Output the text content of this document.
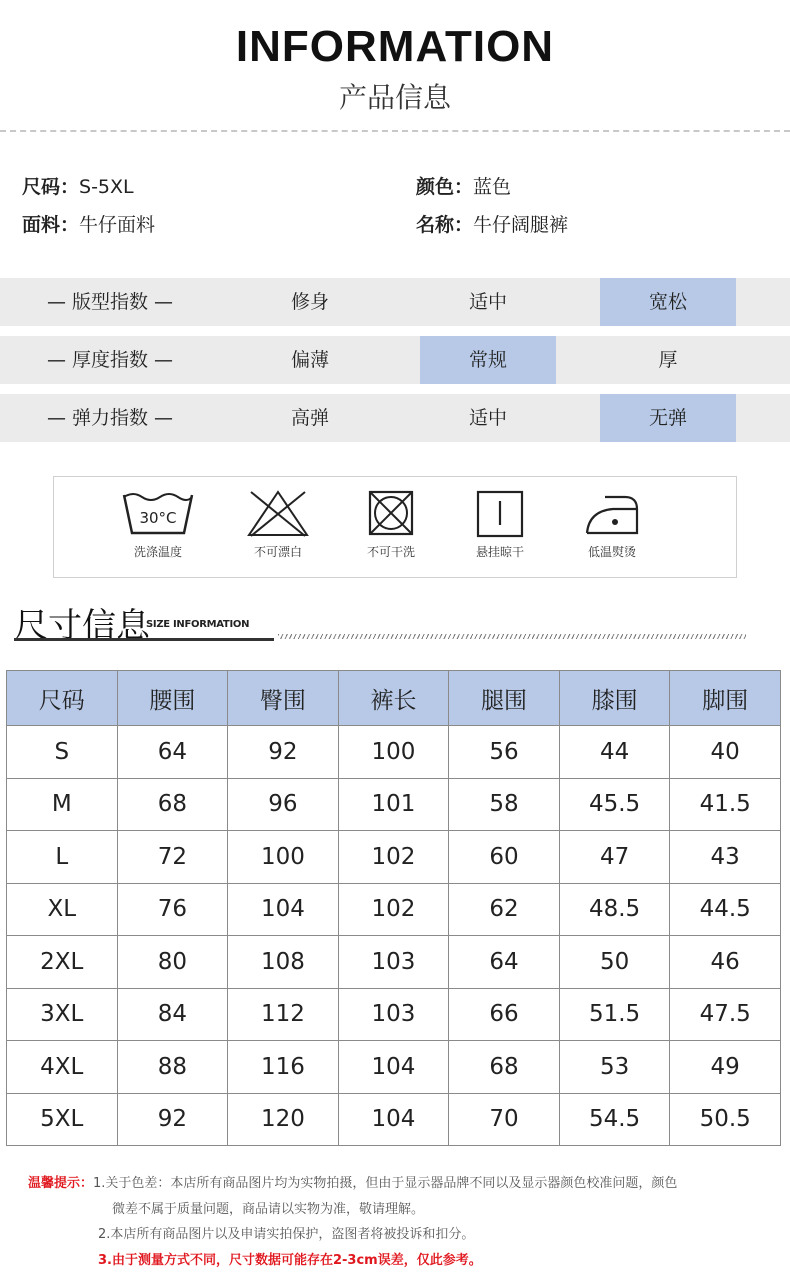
INFORMATION
产品信息
尺码：S-5XL	颜色：蓝色
面料：牛仔面料	名称：牛仔阔腿裤
— 版型指数 —	修身	适中	宽松
— 厚度指数 —	偏薄	常规	厚
— 弹力指数 —	高弹	适中	无弹
30°C
洗涤温度	不可漂白	不可干洗	悬挂晾干	低温熨烫
尺寸信息
SIZE INFORMATION
尺码	腰围	臀围	裤长	腿围	膝围	脚围
S	64	92	100	56	44	40
M	68	96	101	58	45.5	41.5
L	72	100	102	60	47	43
XL	76	104	102	62	48.5	44.5
2XL	80	108	103	64	50	46
3XL	84	112	103	66	51.5	47.5
4XL	88	116	104	68	53	49
5XL	92	120	104	70	54.5	50.5
温馨提示：1.关于色差：本店所有商品图片均为实物拍摄，但由于显示器品牌不同以及显示器颜色校准问题，颜色
微差不属于质量问题，商品请以实物为准，敬请理解。
2.本店所有商品图片以及申请实拍保护，盗图者将被投诉和扣分。
3.由于测量方式不同，尺寸数据可能存在2-3cm误差，仅此参考。
